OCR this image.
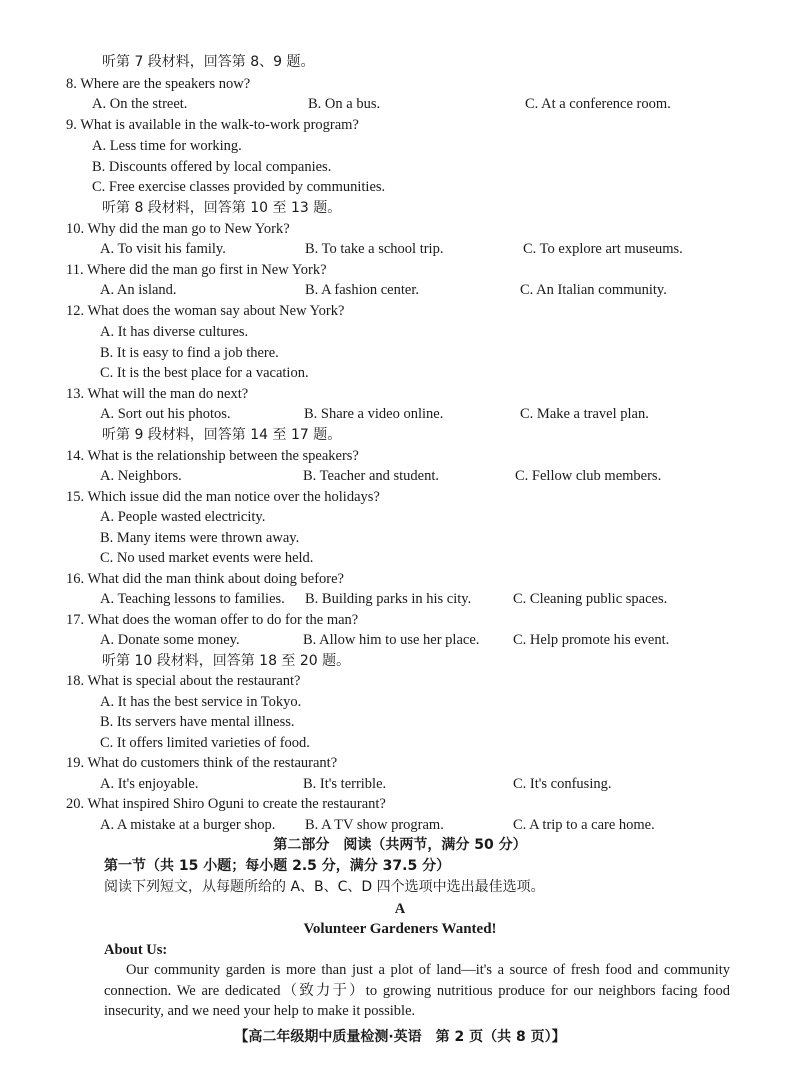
听第 7 段材料，回答第 8、9 题。
8. Where are the speakers now?
A. On the street.	B. On a bus.	C. At a conference room.
9. What is available in the walk-to-work program?
A. Less time for working.
B. Discounts offered by local companies.
C. Free exercise classes provided by communities.
听第 8 段材料，回答第 10 至 13 题。
10. Why did the man go to New York?
A. To visit his family.	B. To take a school trip.	C. To explore art museums.
11. Where did the man go first in New York?
A. An island.	B. A fashion center.	C. An Italian community.
12. What does the woman say about New York?
A. It has diverse cultures.
B. It is easy to find a job there.
C. It is the best place for a vacation.
13. What will the man do next?
A. Sort out his photos.	B. Share a video online.	C. Make a travel plan.
听第 9 段材料，回答第 14 至 17 题。
14. What is the relationship between the speakers?
A. Neighbors.	B. Teacher and student.	C. Fellow club members.
15. Which issue did the man notice over the holidays?
A. People wasted electricity.
B. Many items were thrown away.
C. No used market events were held.
16. What did the man think about doing before?
A. Teaching lessons to families. B. Building parks in his city.	C. Cleaning public spaces.
17. What does the woman offer to do for the man?
A. Donate some money.	B. Allow him to use her place. C. Help promote his event.
听第 10 段材料，回答第 18 至 20 题。
18. What is special about the restaurant?
A. It has the best service in Tokyo.
B. Its servers have mental illness.
C. It offers limited varieties of food.
19. What do customers think of the restaurant?
A. It's enjoyable.	B. It's terrible.	C. It's confusing.
20. What inspired Shiro Oguni to create the restaurant?
A. A mistake at a burger shop. B. A TV show program.	C. A trip to a care home.
第二部分　阅读（共两节，满分 50 分）
第一节（共 15 小题；每小题 2.5 分，满分 37.5 分）
阅读下列短文，从每题所给的 A、B、C、D 四个选项中选出最佳选项。
A
Volunteer Gardeners Wanted!
About Us:
Our community garden is more than just a plot of land—it's a source of fresh food and community connection. We are dedicated（致力于）to growing nutritious produce for our neighbors facing food insecurity, and we need your help to make it possible.
【高二年级期中质量检测·英语　第 2 页（共 8 页）】
